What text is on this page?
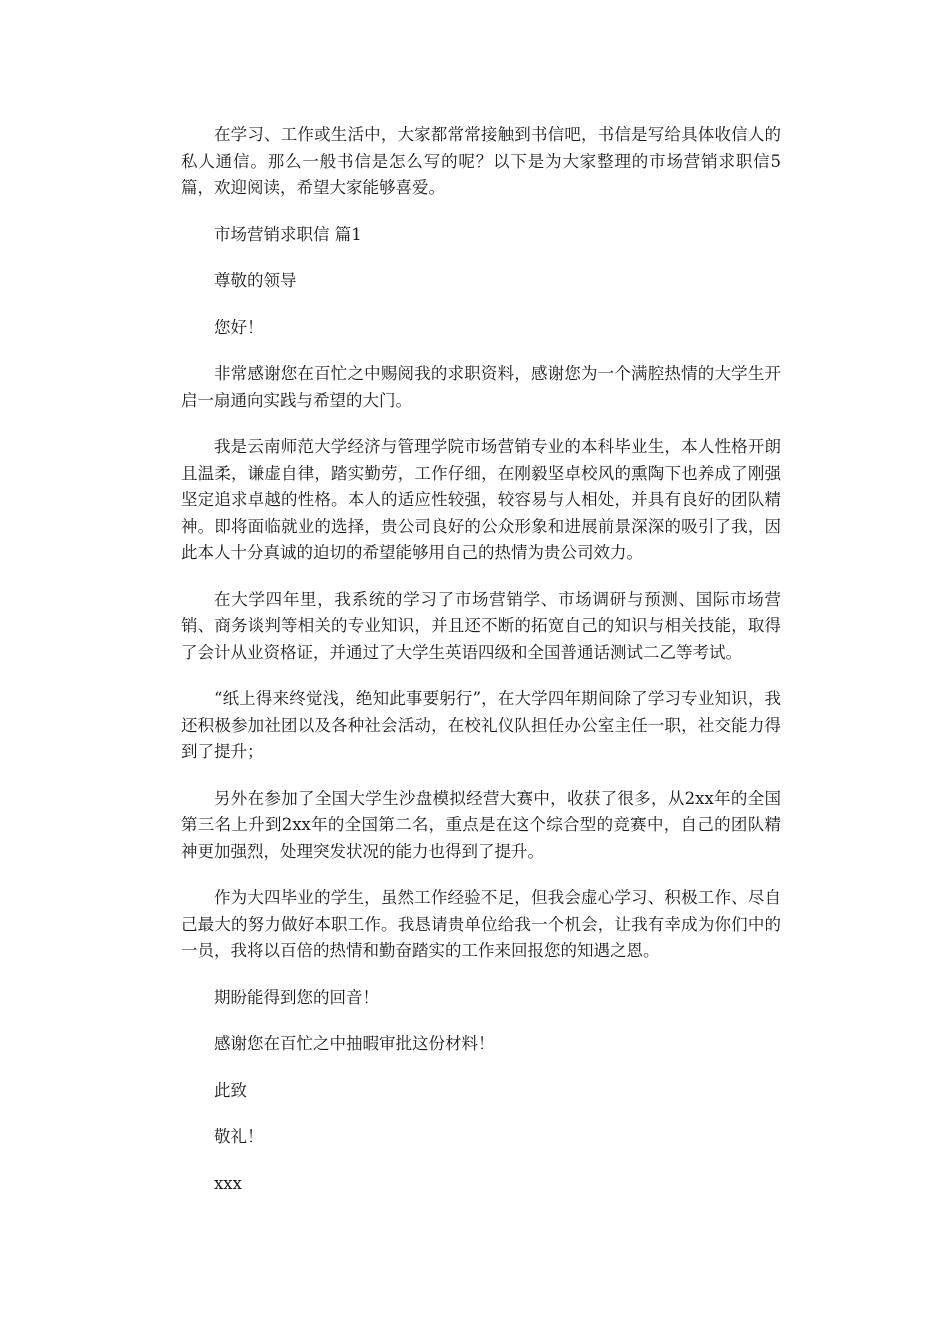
在学习、工作或生活中，大家都常常接触到书信吧，书信是写给具体收信人的私人通信。那么一般书信是怎么写的呢？以下是为大家整理的市场营销求职信5篇，欢迎阅读，希望大家能够喜爱。

市场营销求职信 篇1

尊敬的领导

您好！

非常感谢您在百忙之中赐阅我的求职资料，感谢您为一个满腔热情的大学生开启一扇通向实践与希望的大门。

我是云南师范大学经济与管理学院市场营销专业的本科毕业生，本人性格开朗且温柔，谦虚自律，踏实勤劳，工作仔细，在刚毅坚卓校风的熏陶下也养成了刚强坚定追求卓越的性格。本人的适应性较强，较容易与人相处，并具有良好的团队精神。即将面临就业的选择，贵公司良好的公众形象和进展前景深深的吸引了我，因此本人十分真诚的迫切的希望能够用自己的热情为贵公司效力。

在大学四年里，我系统的学习了市场营销学、市场调研与预测、国际市场营销、商务谈判等相关的专业知识，并且还不断的拓宽自己的知识与相关技能，取得了会计从业资格证，并通过了大学生英语四级和全国普通话测试二乙等考试。

“纸上得来终觉浅，绝知此事要躬行”，在大学四年期间除了学习专业知识，我还积极参加社团以及各种社会活动，在校礼仪队担任办公室主任一职，社交能力得到了提升；

另外在参加了全国大学生沙盘模拟经营大赛中，收获了很多，从2xx年的全国第三名上升到2xx年的全国第二名，重点是在这个综合型的竞赛中，自己的团队精神更加强烈，处理突发状况的能力也得到了提升。

作为大四毕业的学生，虽然工作经验不足，但我会虚心学习、积极工作、尽自己最大的努力做好本职工作。我恳请贵单位给我一个机会，让我有幸成为你们中的一员，我将以百倍的热情和勤奋踏实的工作来回报您的知遇之恩。

期盼能得到您的回音！

感谢您在百忙之中抽暇审批这份材料！

此致

敬礼！

xxx
